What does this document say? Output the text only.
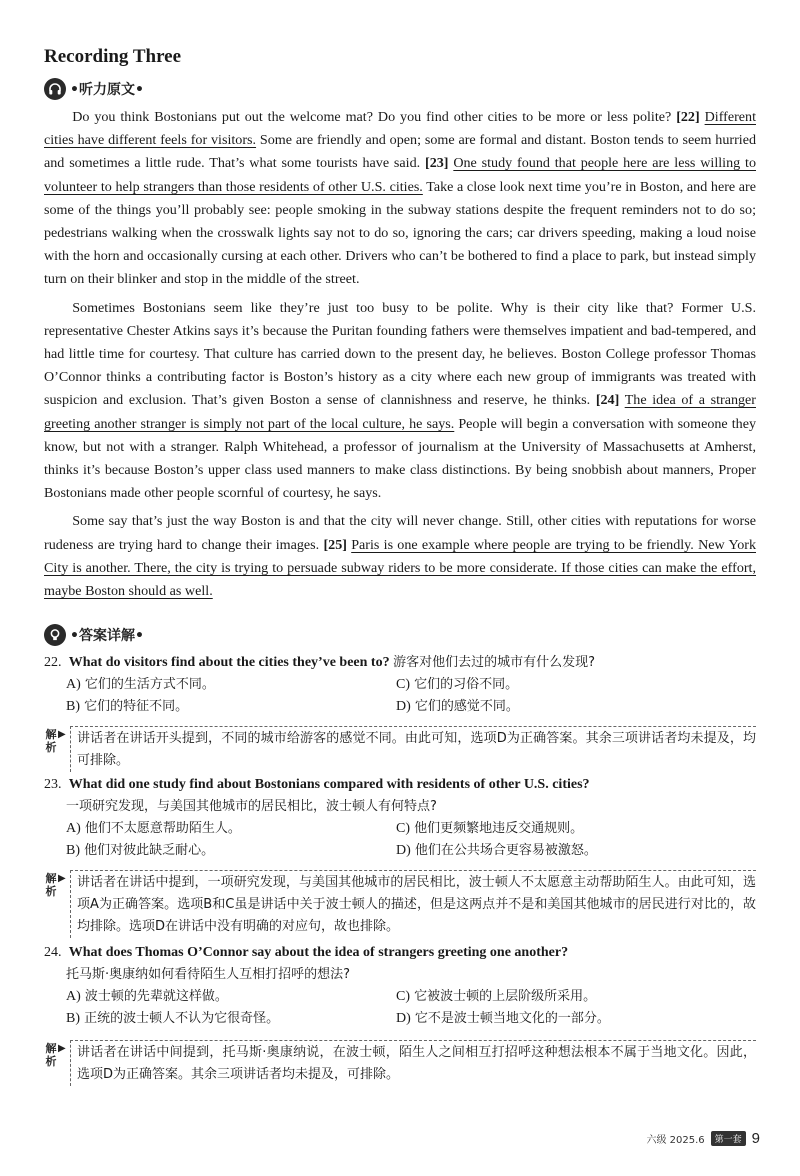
Recording Three
•听力原文•

Do you think Bostonians put out the welcome mat? Do you find other cities to be more or less polite? [22] Different cities have different feels for visitors. Some are friendly and open; some are formal and distant. Boston tends to seem hurried and sometimes a little rude. That’s what some tourists have said. [23] One study found that people here are less willing to volunteer to help strangers than those residents of other U.S. cities. Take a close look next time you’re in Boston, and here are some of the things you’ll probably see: people smoking in the subway stations despite the frequent reminders not to do so; pedestrians walking when the crosswalk lights say not to do so, ignoring the cars; car drivers speeding, making a loud noise with the horn and occasionally cursing at each other. Drivers who can’t be bothered to find a place to park, but instead simply turn on their blinker and stop in the middle of the street.

Sometimes Bostonians seem like they’re just too busy to be polite. Why is their city like that? Former U.S. representative Chester Atkins says it’s because the Puritan founding fathers were themselves impatient and bad-tempered, and had little time for courtesy. That culture has carried down to the present day, he believes. Boston College professor Thomas O’Connor thinks a contributing factor is Boston’s history as a city where each new group of immigrants was treated with suspicion and exclusion. That’s given Boston a sense of clannishness and reserve, he thinks. [24] The idea of a stranger greeting another stranger is simply not part of the local culture, he says. People will begin a conversation with someone they know, but not with a stranger. Ralph Whitehead, a professor of journalism at the University of Massachusetts at Amherst, thinks it’s because Boston’s upper class used manners to make class distinctions. By being snobbish about manners, Proper Bostonians made other people scornful of courtesy, he says.

Some say that’s just the way Boston is and that the city will never change. Still, other cities with reputations for worse rudeness are trying hard to change their images. [25] Paris is one example where people are trying to be friendly. New York City is another. There, the city is trying to persuade subway riders to be more considerate. If those cities can make the effort, maybe Boston should as well.

•答案详解•
22. What do visitors find about the cities they’ve been to? 游客对他们去过的城市有什么发现?
A) 它们的生活方式不同。	C) 它们的习俗不同。
B) 它们的特征不同。	D) 它们的感觉不同。
解析
▶ 讲话者在讲话开头提到，不同的城市给游客的感觉不同。由此可知，选项D为正确答案。其余三项讲话者均未提及，均可排除。
23. What did one study find about Bostonians compared with residents of other U.S. cities?
一项研究发现，与美国其他城市的居民相比，波士顿人有何特点?
A) 他们不太愿意帮助陌生人。	C) 他们更频繁地违反交通规则。
B) 他们对彼此缺乏耐心。	D) 他们在公共场合更容易被激怒。
解析
▶ 讲话者在讲话中提到，一项研究发现，与美国其他城市的居民相比，波士顿人不太愿意主动帮助陌生人。由此可知，选项A为正确答案。选项B和C虽是讲话中关于波士顿人的描述，但是这两点并不是和美国其他城市的居民进行对比的，故均排除。选项D在讲话中没有明确的对应句，故也排除。
24. What does Thomas O’Connor say about the idea of strangers greeting one another?
托马斯·奥康纳如何看待陌生人互相打招呼的想法?
A) 波士顿的先辈就这样做。	C) 它被波士顿的上层阶级所采用。
B) 正统的波士顿人不认为它很奇怪。	D) 它不是波士顿当地文化的一部分。
解析
▶ 讲话者在讲话中间提到，托马斯·奥康纳说，在波士顿，陌生人之间相互打招呼这种想法根本不属于当地文化。因此，选项D为正确答案。其余三项讲话者均未提及，可排除。
六级 2025.6	第一套 9
